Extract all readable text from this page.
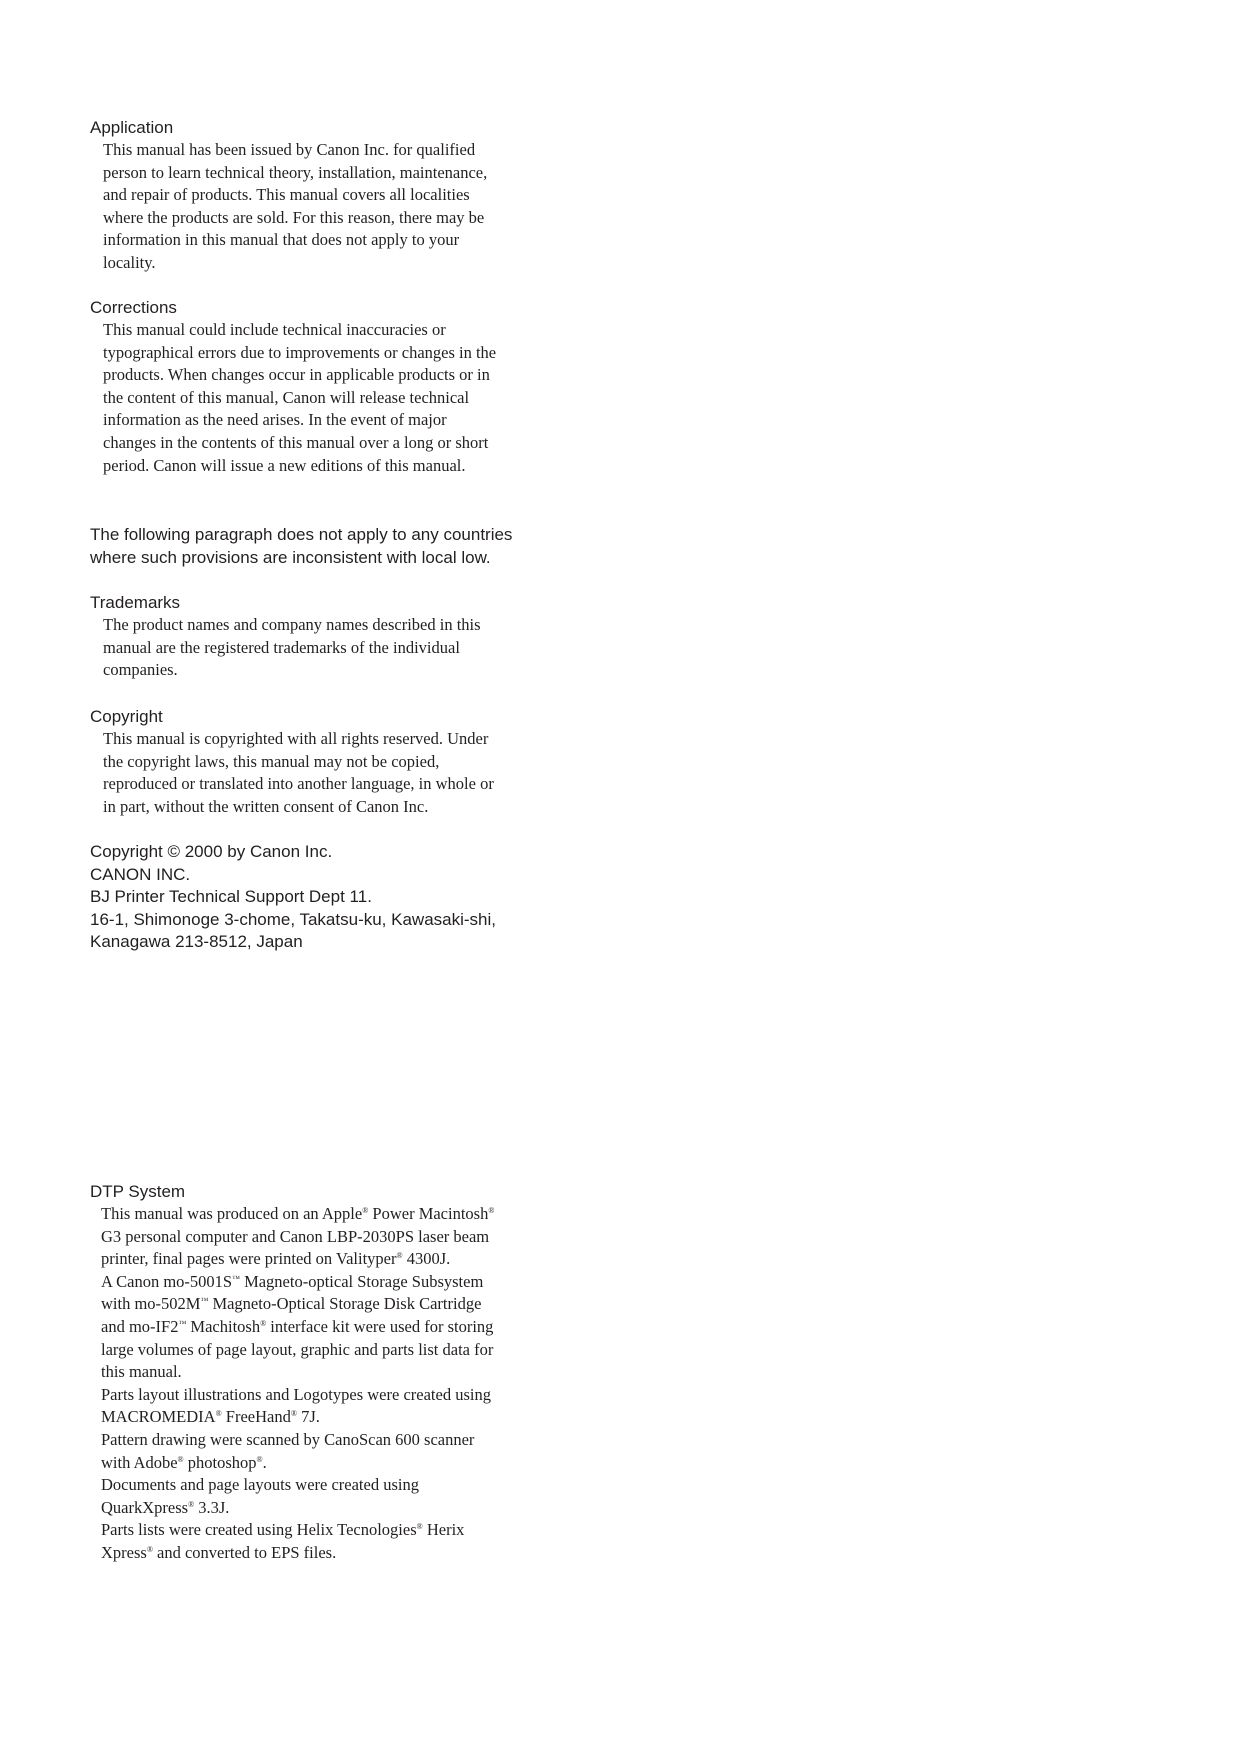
Application

This manual has been issued by Canon Inc. for qualified
person to learn technical theory, installation, maintenance,
and repair of products. This manual covers all localities
where the products are sold. For this reason, there may be
information in this manual that does not apply to your
locality.

Corrections

This manual could include technical inaccuracies or
typographical errors due to improvements or changes in the
products. When changes occur in applicable products or in
the content of this manual, Canon will release technical
information as the need arises. In the event of major
changes in the contents of this manual over a long or short
period. Canon will issue a new editions of this manual.

The following paragraph does not apply to any countries
where such provisions are inconsistent with local low.

Trademarks

The product names and company names described in this
manual are the registered trademarks of the individual
companies.

Copyright

This manual is copyrighted with all rights reserved. Under
the copyright laws, this manual may not be copied,
reproduced or translated into another language, in whole or
in part, without the written consent of Canon Inc.

Copyright © 2000 by Canon Inc.
CANON INC.
BJ Printer Technical Support Dept 11.
16-1, Shimonoge 3-chome, Takatsu-ku, Kawasaki-shi,
Kanagawa 213-8512, Japan

DTP System

This manual was produced on an Apple® Power Macintosh®
G3 personal computer and Canon LBP-2030PS laser beam
printer, final pages were printed on Valityper® 4300J.
A Canon mo-5001S™ Magneto-optical Storage Subsystem
with mo-502M™ Magneto-Optical Storage Disk Cartridge
and mo-IF2™ Machitosh® interface kit were used for storing
large volumes of page layout, graphic and parts list data for
this manual.
Parts layout illustrations and Logotypes were created using
MACROMEDIA® FreeHand® 7J.
Pattern drawing were scanned by CanoScan 600 scanner
with Adobe® photoshop®.
Documents and page layouts were created using
QuarkXpress® 3.3J.
Parts lists were created using Helix Tecnologies® Herix
Xpress® and converted to EPS files.
